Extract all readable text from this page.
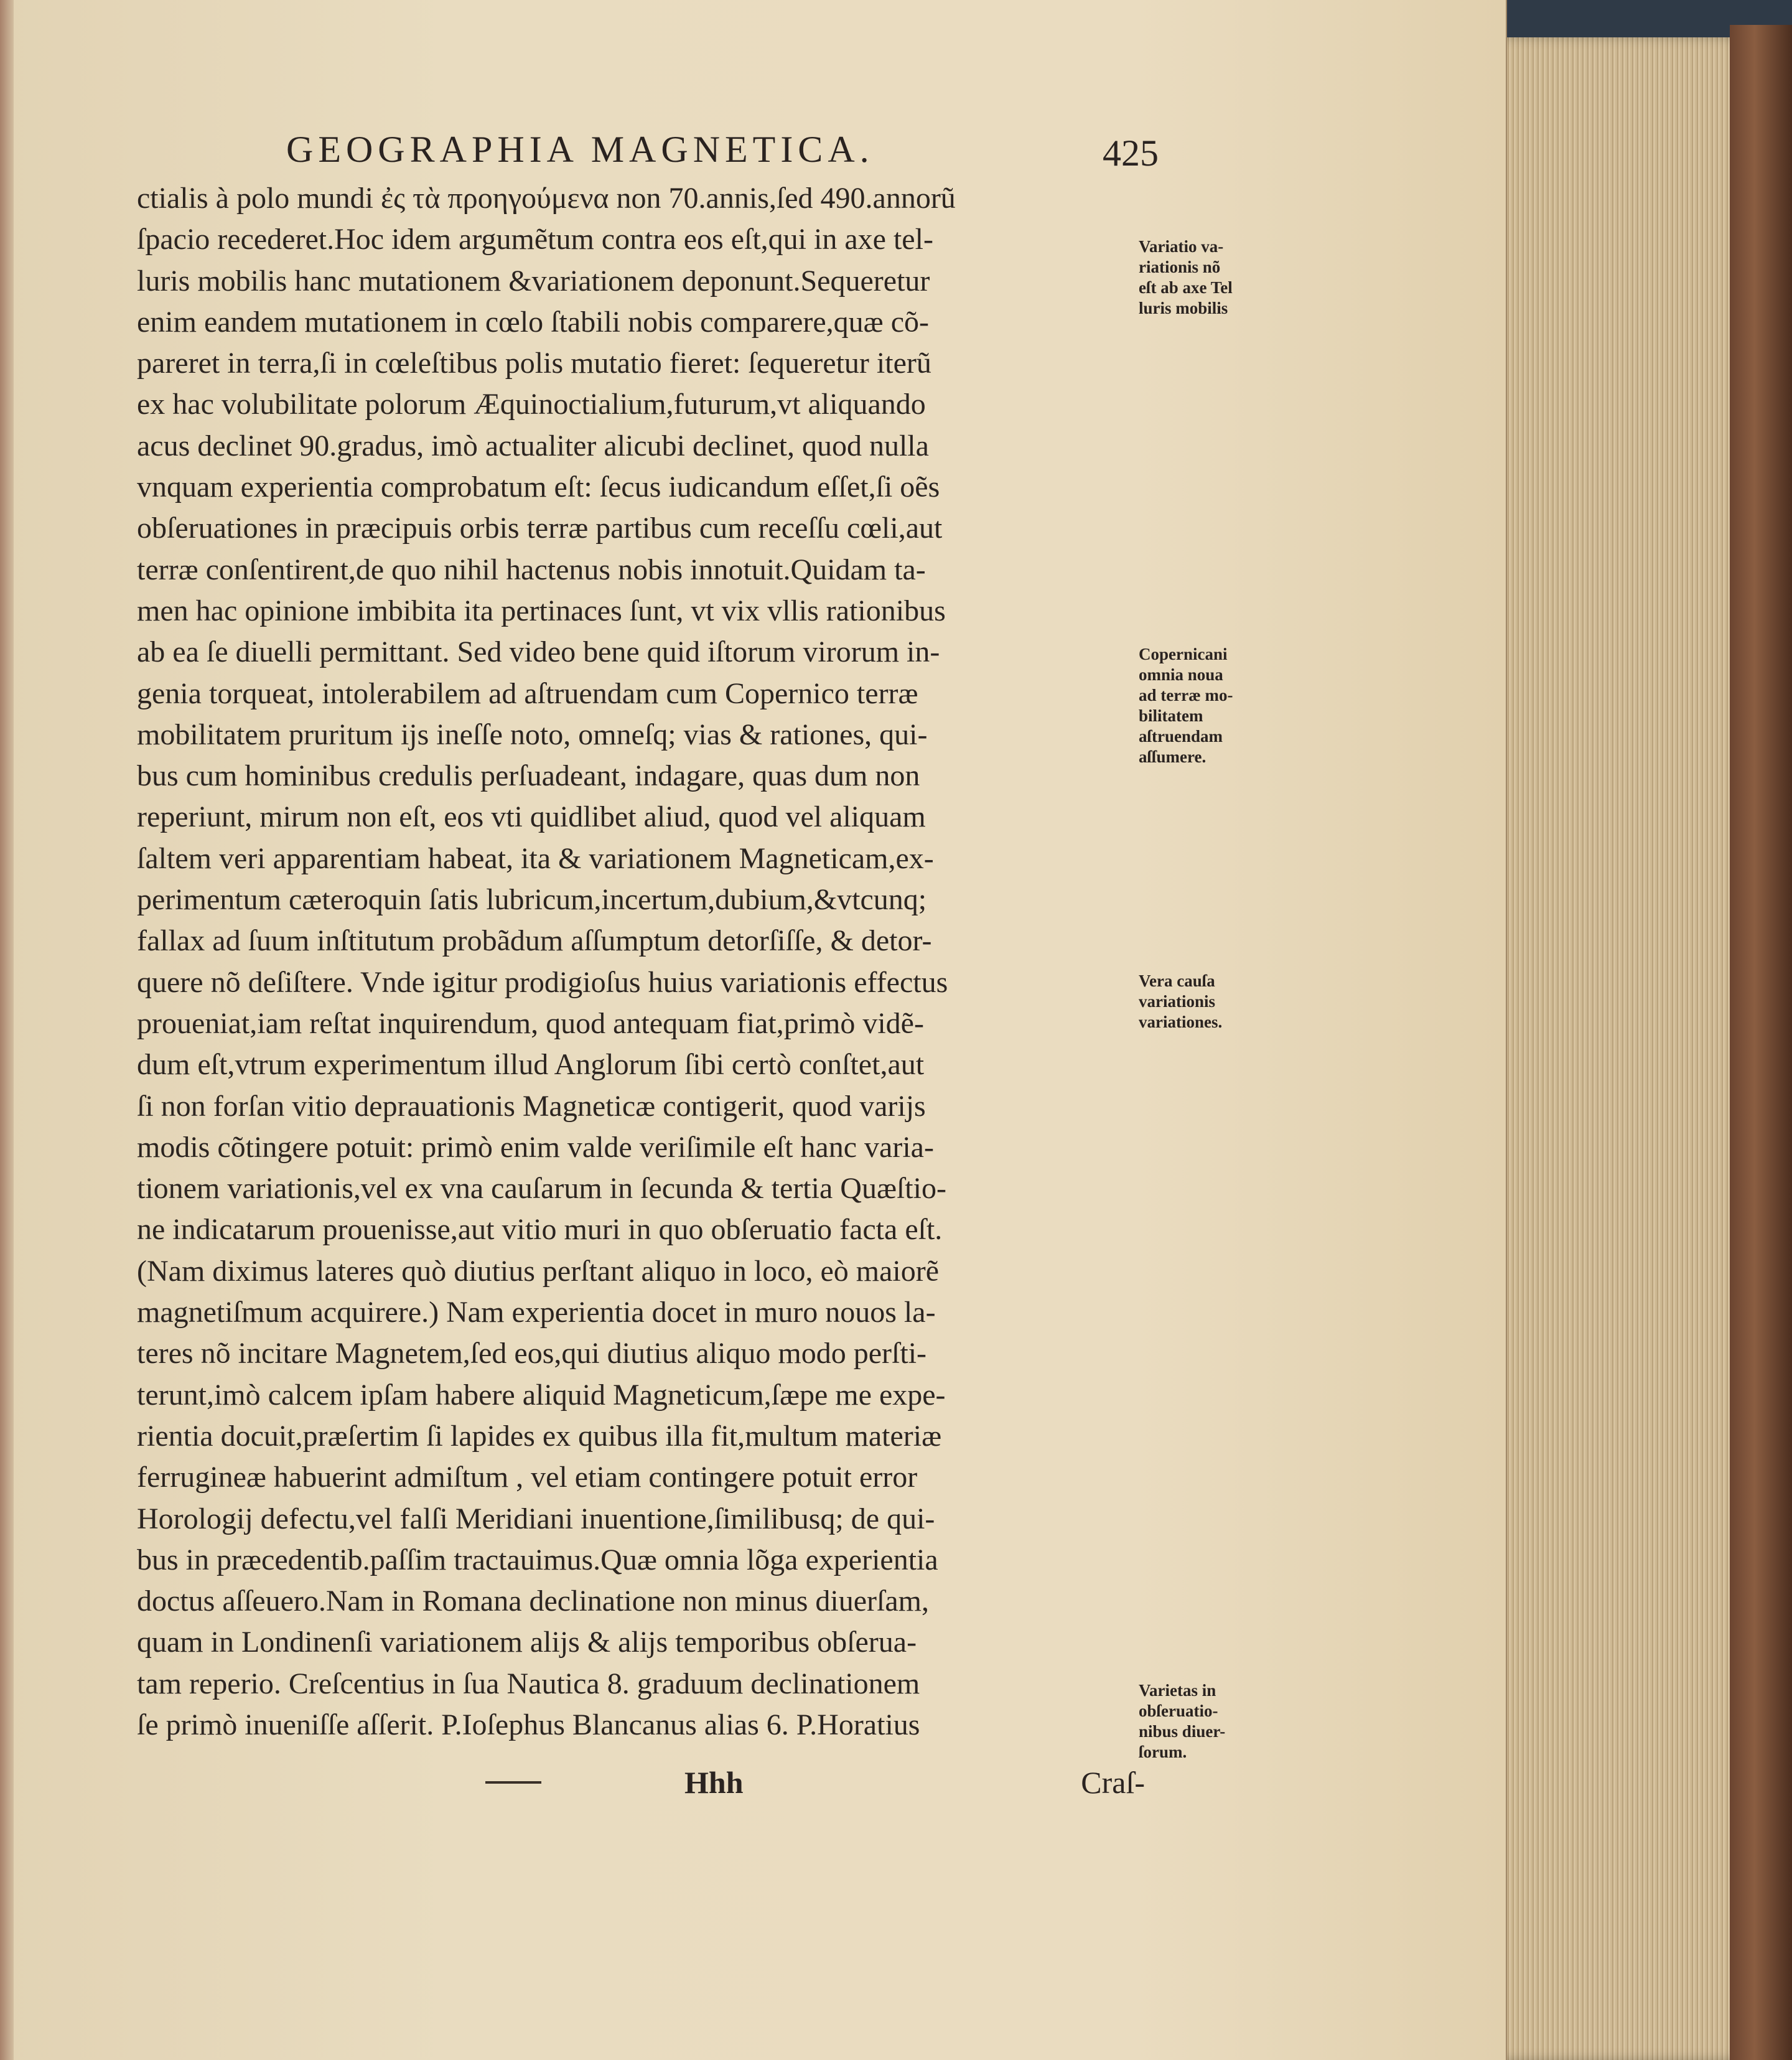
GEOGRAPHIA MAGNETICA.	425
ctialis à polo mundi ἐς τὰ προηγούμενα non 70.annis,ſed 490.annorũ
ſpacio recederet.Hoc idem argumẽtum contra eos eſt,qui in axe tel-
luris mobilis hanc mutationem &variationem deponunt.Sequeretur
enim eandem mutationem in cœlo ſtabili nobis comparere,quæ cõ-
pareret in terra,ſi in cœleſtibus polis mutatio fieret: ſequeretur iterũ
ex hac volubilitate polorum Æquinoctialium,futurum,vt aliquando
acus declinet 90.gradus, imò actualiter alicubi declinet, quod nulla
vnquam experientia comprobatum eſt: ſecus iudicandum eſſet,ſi oẽs
obſeruationes in præcipuis orbis terræ partibus cum receſſu cœli,aut
terræ conſentirent,de quo nihil hactenus nobis innotuit.Quidam ta-
men hac opinione imbibita ita pertinaces ſunt, vt vix vllis rationibus
ab ea ſe diuelli permittant. Sed video bene quid iſtorum virorum in-
genia torqueat, intolerabilem ad aſtruendam cum Copernico terræ
mobilitatem pruritum ijs ineſſe noto, omneſq; vias & rationes, qui-
bus cum hominibus credulis perſuadeant, indagare, quas dum non
reperiunt, mirum non eſt, eos vti quidlibet aliud, quod vel aliquam
ſaltem veri apparentiam habeat, ita & variationem Magneticam,ex-
perimentum cæteroquin ſatis lubricum,incertum,dubium,&vtcunq;
fallax ad ſuum inſtitutum probãdum aſſumptum detorſiſſe, & detor-
quere nõ deſiſtere. Vnde igitur prodigioſus huius variationis effectus
proueniat,iam reſtat inquirendum, quod antequam fiat,primò vidẽ-
dum eſt,vtrum experimentum illud Anglorum ſibi certò conſtet,aut
ſi non forſan vitio deprauationis Magneticæ contigerit, quod varijs
modis cõtingere potuit: primò enim valde veriſimile eſt hanc varia-
tionem variationis,vel ex vna cauſarum in ſecunda & tertia Quæſtio-
ne indicatarum prouenisse,aut vitio muri in quo obſeruatio facta eſt.
(Nam diximus lateres quò diutius perſtant aliquo in loco, eò maiorẽ
magnetiſmum acquirere.) Nam experientia docet in muro nouos la-
teres nõ incitare Magnetem,ſed eos,qui diutius aliquo modo perſti-
terunt,imò calcem ipſam habere aliquid Magneticum,ſæpe me expe-
rientia docuit,præſertim ſi lapides ex quibus illa fit,multum materiæ
ferrugineæ habuerint admiſtum , vel etiam contingere potuit error
Horologij defectu,vel falſi Meridiani inuentione,ſimilibusq; de qui-
bus in præcedentib.paſſim tractauimus.Quæ omnia lõga experientia
doctus aſſeuero.Nam in Romana declinatione non minus diuerſam,
quam in Londinenſi variationem alijs & alijs temporibus obſerua-
tam reperio. Creſcentius in ſua Nautica 8. graduum declinationem
ſe primò inueniſſe aſſerit. P.Ioſephus Blancanus alias 6. P.Horatius
Variatio va-
riationis nõ
eſt ab axe Tel
luris mobilis
Copernicani
omnia noua
ad terræ mo-
bilitatem
aſtruendam
aſſumere.
Vera cauſa
variationis
variationes.
Varietas in
obſeruatio-
nibus diuer-
ſorum.
Hhh	Craſ-
